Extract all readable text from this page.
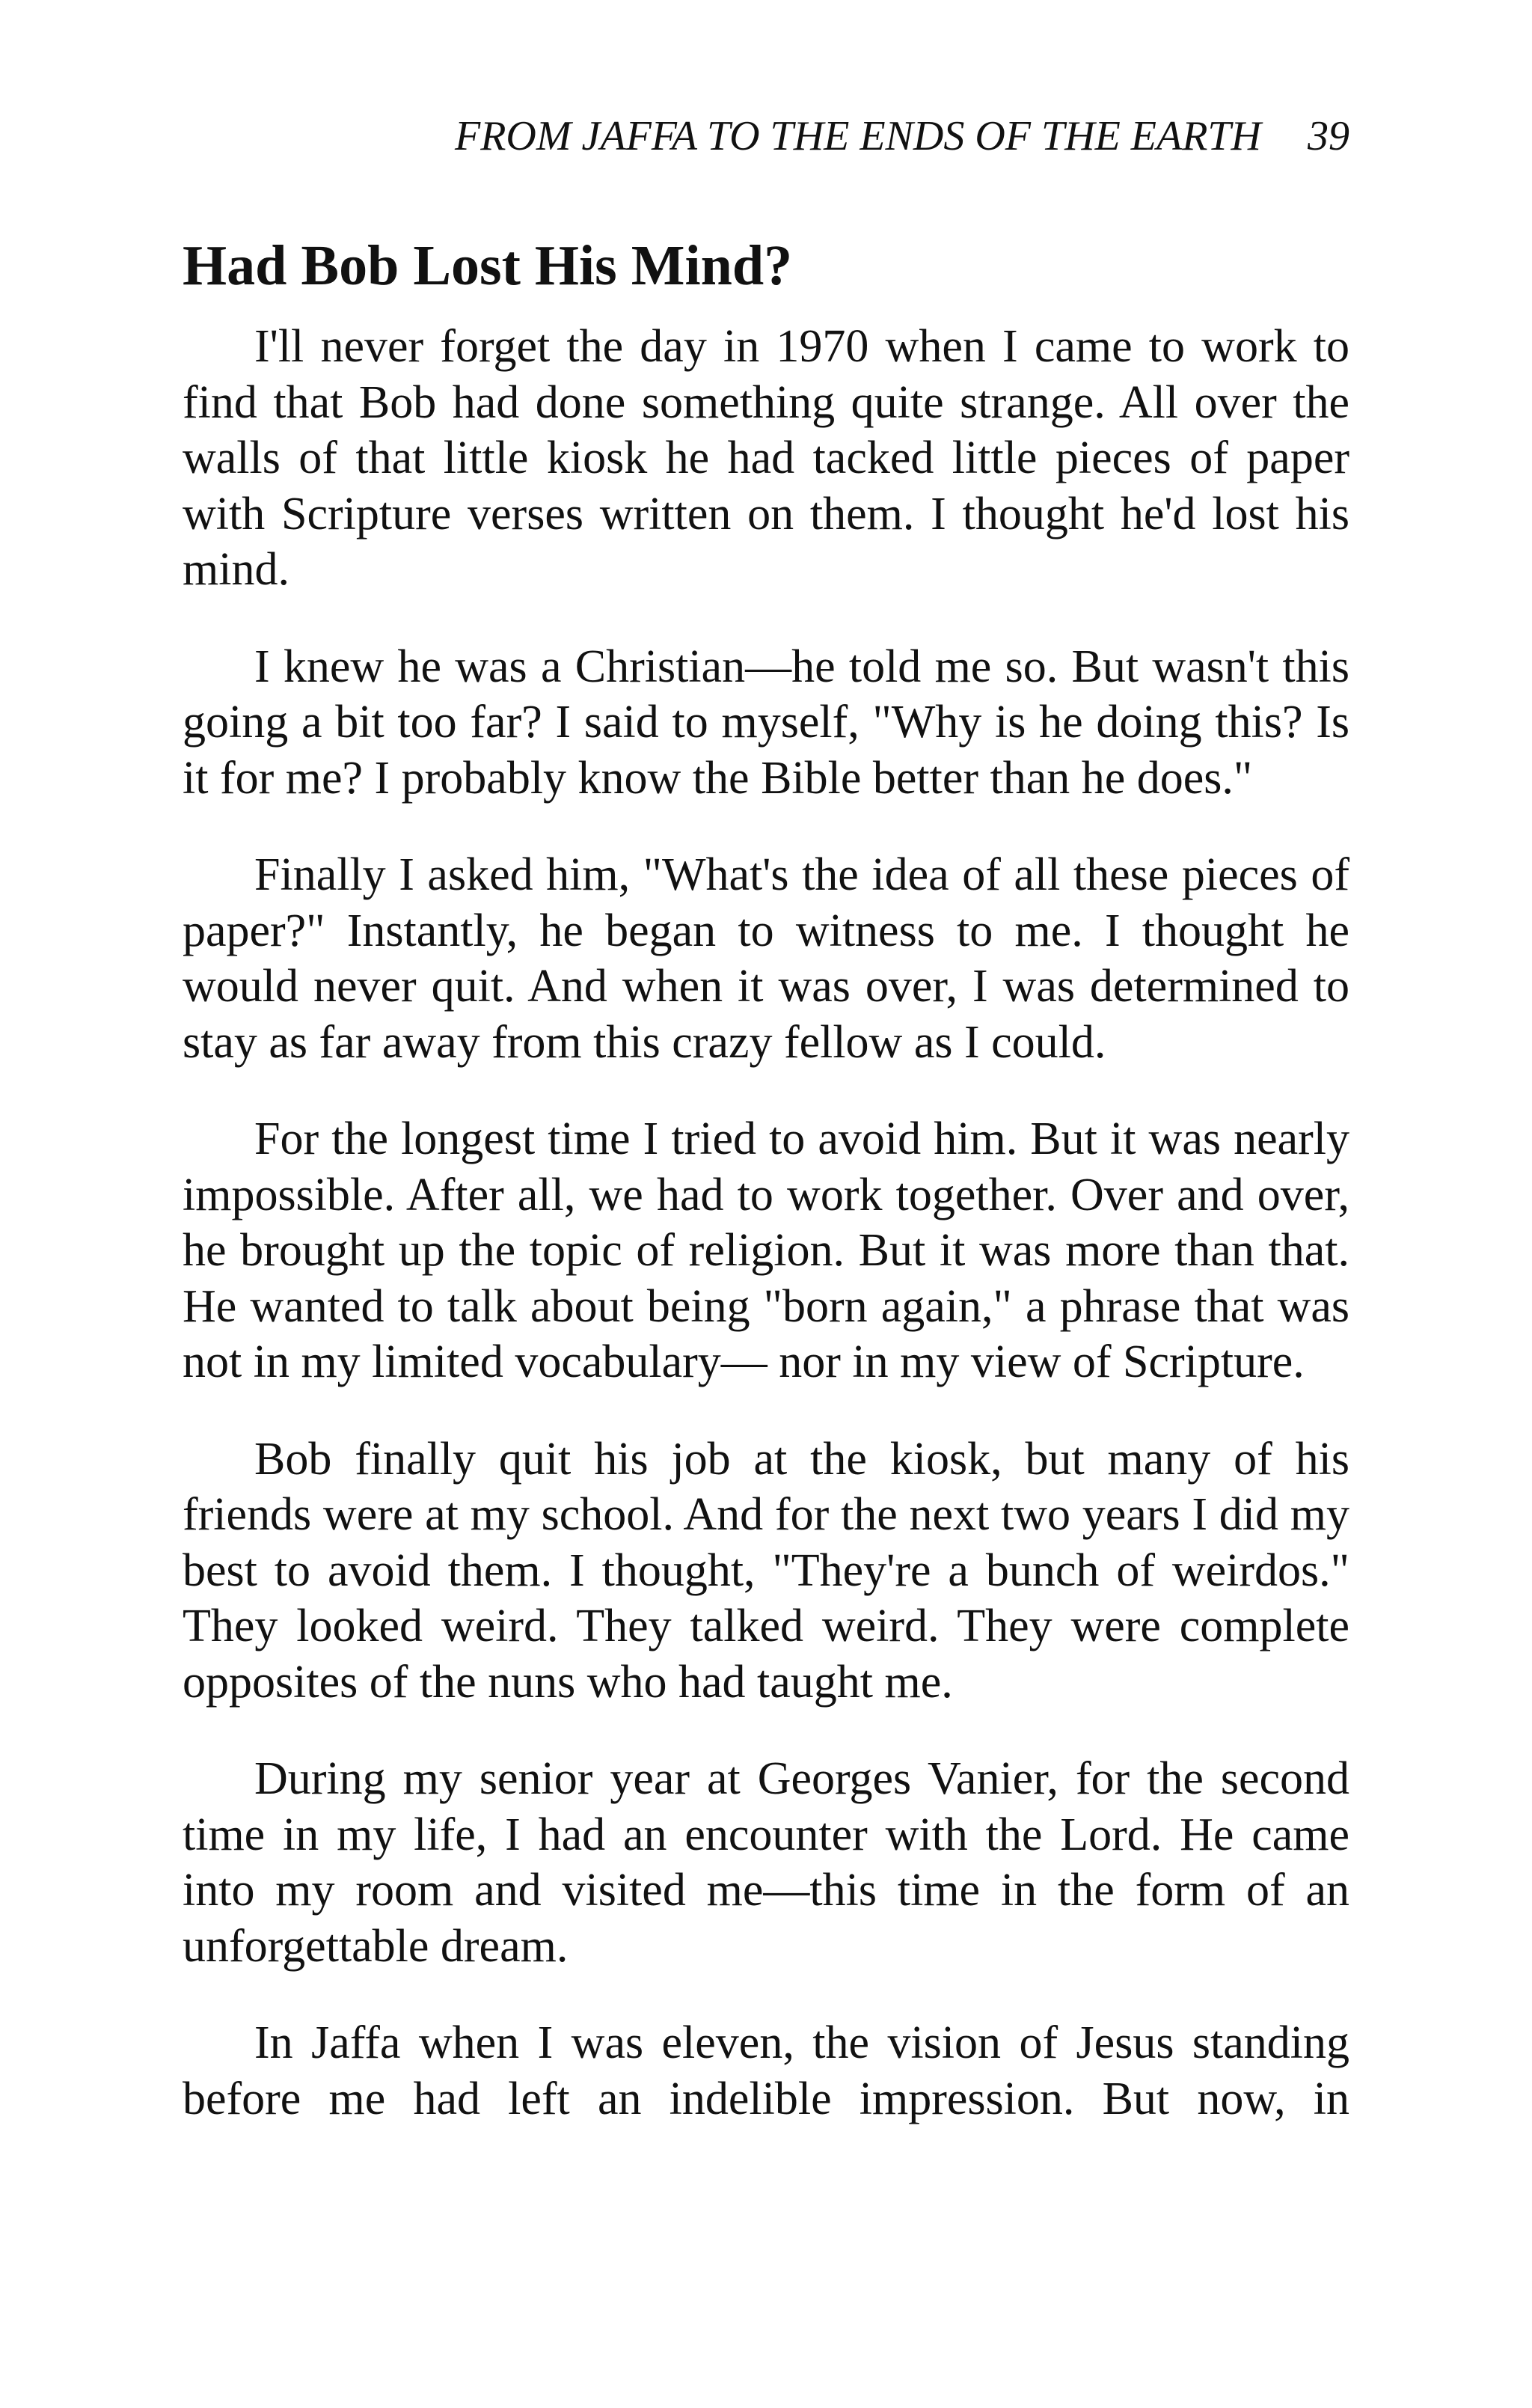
FROM JAFFA TO THE ENDS OF THE EARTH 39
Had Bob Lost His Mind?

I'll never forget the day in 1970 when I came to work to find that Bob had done something quite strange. All over the walls of that little kiosk he had tacked little pieces of paper with Scripture verses written on them. I thought he'd lost his mind.

I knew he was a Christian—he told me so. But wasn't this going a bit too far? I said to myself, "Why is he doing this? Is it for me? I probably know the Bible better than he does."

Finally I asked him, "What's the idea of all these pieces of paper?" Instantly, he began to witness to me. I thought he would never quit. And when it was over, I was determined to stay as far away from this crazy fellow as I could.

For the longest time I tried to avoid him. But it was nearly impossible. After all, we had to work together. Over and over, he brought up the topic of religion. But it was more than that. He wanted to talk about being "born again," a phrase that was not in my limited vocabulary— nor in my view of Scripture.

Bob finally quit his job at the kiosk, but many of his friends were at my school. And for the next two years I did my best to avoid them. I thought, "They're a bunch of weirdos." They looked weird. They talked weird. They were complete opposites of the nuns who had taught me.

During my senior year at Georges Vanier, for the second time in my life, I had an encounter with the Lord. He came into my room and visited me—this time in the form of an unforgettable dream.

In Jaffa when I was eleven, the vision of Jesus standing before me had left an indelible impression. But now, in
